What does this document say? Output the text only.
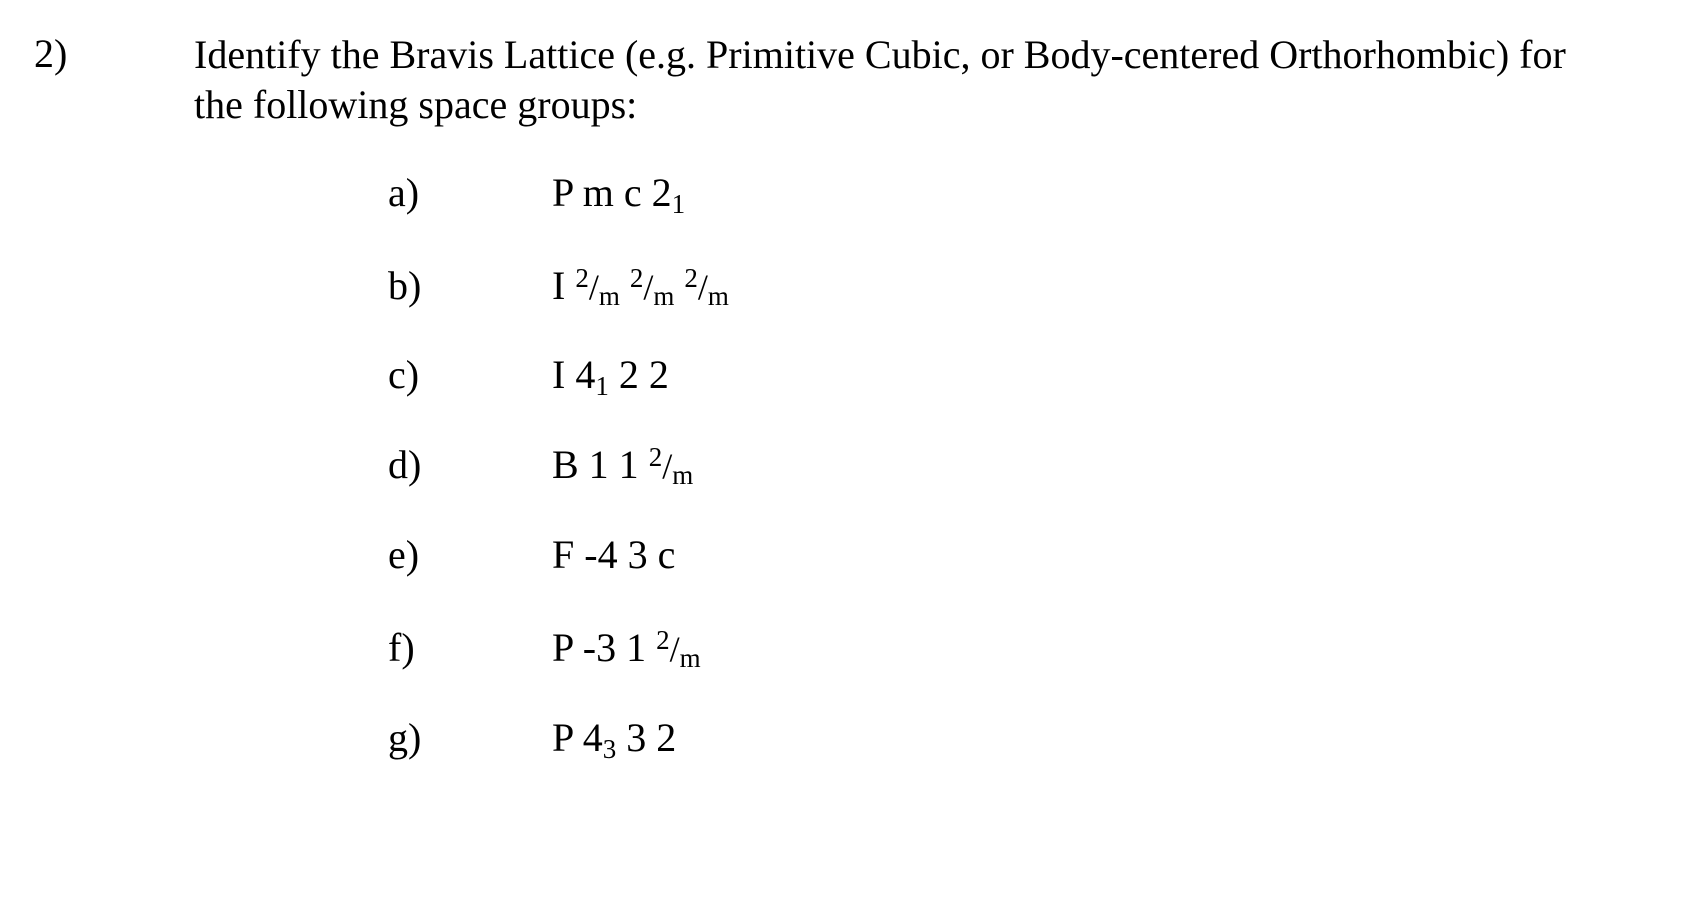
2)	Identify the Bravis Lattice (e.g. Primitive Cubic, or Body-centered Orthorhombic) for
the following space groups:
a)	P m c 21
b)	I $^2$/m $^2$/m $^2$/m
c)	I 41 2 2
d)	B 1 1 $^2$/m
e)	F -4 3 c
f)	P -3 1 $^2$/m
g)	P 43 3 2
